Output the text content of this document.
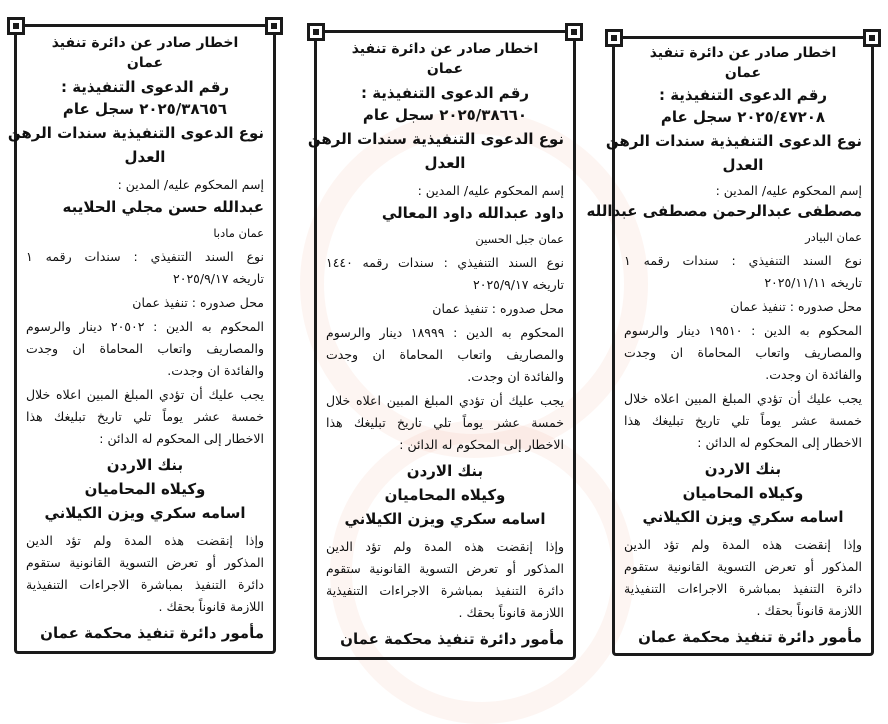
اخطار صادر عن دائرة تنفيذ
عمان
رقم الدعوى التنفيذية :
٢٠٢٥/٣٨٦٥٦ سجل عام
نوع الدعوى التنفيذية سندات الرهن
العدل
إسم المحكوم عليه/ المدين :
عبدالله حسن مجلي الحلايبه
عمان مادبا
نوع السند التنفيذي : سندات رقمه ١
تاريخه ٢٠٢٥/٩/١٧
محل صدوره : تنفيذ عمان
المحكوم به الدين : ٢٠٥٠٢ دينار والرسوم
والمصاريف واتعاب المحاماة ان وجدت
والفائدة ان وجدت.
يجب عليك أن تؤدي المبلغ المبين اعلاه خلال
خمسة عشر يوماً تلي تاريخ تبليغك هذا
الاخطار إلى المحكوم له الدائن :
بنك الاردن
وكيلاه المحاميان
اسامه سكري ويزن الكيلاني
وإذا إنقضت هذه المدة ولم تؤد الدين
المذكور أو تعرض التسوية القانونية ستقوم
دائرة التنفيذ بمباشرة الاجراءات التنفيذية
اللازمة قانوناً بحقك .
مأمور دائرة تنفيذ محكمة عمان
اخطار صادر عن دائرة تنفيذ
عمان
رقم الدعوى التنفيذية :
٢٠٢٥/٣٨٦٦٠ سجل عام
نوع الدعوى التنفيذية سندات الرهن
العدل
إسم المحكوم عليه/ المدين :
داود عبدالله داود المعالي
عمان جبل الحسين
نوع السند التنفيذي : سندات رقمه ١٤٤٠
تاريخه ٢٠٢٥/٩/١٧
محل صدوره : تنفيذ عمان
المحكوم به الدين : ١٨٩٩٩ دينار والرسوم
والمصاريف واتعاب المحاماة ان وجدت
والفائدة ان وجدت.
يجب عليك أن تؤدي المبلغ المبين اعلاه خلال
خمسة عشر يوماً تلي تاريخ تبليغك هذا
الاخطار إلى المحكوم له الدائن :
بنك الاردن
وكيلاه المحاميان
اسامه سكري ويزن الكيلاني
وإذا إنقضت هذه المدة ولم تؤد الدين
المذكور أو تعرض التسوية القانونية ستقوم
دائرة التنفيذ بمباشرة الاجراءات التنفيذية
اللازمة قانوناً بحقك .
مأمور دائرة تنفيذ محكمة عمان
اخطار صادر عن دائرة تنفيذ
عمان
رقم الدعوى التنفيذية :
٢٠٢٥/٤٧٢٠٨ سجل عام
نوع الدعوى التنفيذية سندات الرهن
العدل
إسم المحكوم عليه/ المدين :
مصطفى عبدالرحمن مصطفى عبدالله
عمان البيادر
نوع السند التنفيذي : سندات رقمه ١
تاريخه ٢٠٢٥/١١/١١
محل صدوره : تنفيذ عمان
المحكوم به الدين : ١٩٥١٠ دينار والرسوم
والمصاريف واتعاب المحاماة ان وجدت
والفائدة ان وجدت.
يجب عليك أن تؤدي المبلغ المبين اعلاه خلال
خمسة عشر يوماً تلي تاريخ تبليغك هذا
الاخطار إلى المحكوم له الدائن :
بنك الاردن
وكيلاه المحاميان
اسامه سكري ويزن الكيلاني
وإذا إنقضت هذه المدة ولم تؤد الدين
المذكور أو تعرض التسوية القانونية ستقوم
دائرة التنفيذ بمباشرة الاجراءات التنفيذية
اللازمة قانوناً بحقك .
مأمور دائرة تنفيذ محكمة عمان
